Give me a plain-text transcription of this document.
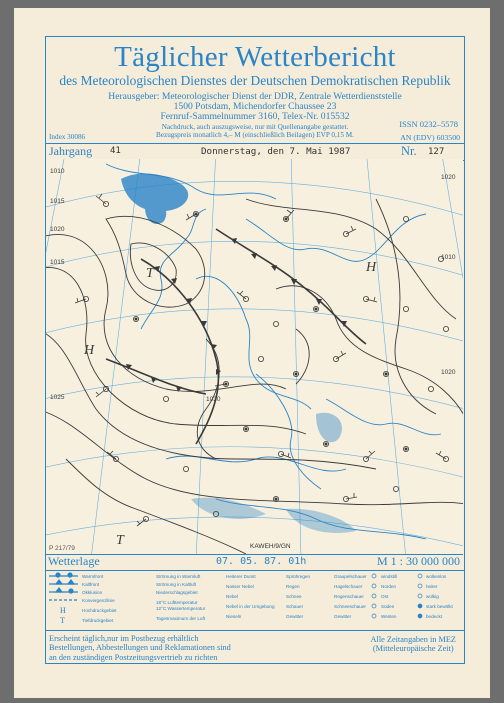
Täglicher Wetterbericht
des Meteorologischen Dienstes der Deutschen Demokratischen Republik
Herausgeber: Meteorologischer Dienst der DDR, Zentrale Wetterdienststelle
1500 Potsdam, Michendorfer Chaussee 23
Fernruf-Sammelnummer 3160, Telex-Nr. 015532
Nachdruck, auch auszugsweise, nur mit Quellenangabe gestattet.
Bezugspreis monatlich 4,– M (einschließlich Beilagen) EVP 0,15 M.
ISSN 0232–5578
AN (EDV) 603500
Index 30086
Jahrgang 41	Donnerstag, den 7. Mai 1987	Nr. 127
1010
1015
1020
1025
1015
1020
1010
1030
1020
H
T	H
T
P 217/79	KAWEH/9/GN
Wetterlage	07. 05. 87. 01h	M 1 : 30 000 000
H
T
Warmfront
Kaltfront
Okklusion
Konvergenzlinie
Hochdruckgebiet
Tiefdruckgebiet
Strömung in Warmluft
Strömung in Kaltluft
Niederschlagsgebiet
18°C Lufttemperatur
12°C Wassertemperatur
Tagesmaximum der Luft
Heiterer Dunst
Nasser Nebel
Nebel
Nebel in der Umgebung
Nieseln
Sprühregen
Regen
Schnee
Schauer
Gewitter
Graupelschauer
Hagelschauer
Regenschauer
Schneeschauer
Gewitter
windstill
Norden
Ost
Süden
Westen
wolkenlos
heiter
wolkig
stark bewölkt
bedeckt
Erscheint täglich,nur im Postbezug erhältlich
Bestellungen, Abbestellungen und Reklamationen sind
an den zuständigen Postzeitungsvertrieb zu richten
Alle Zeitangaben in MEZ
(Mitteleuropäische Zeit)
